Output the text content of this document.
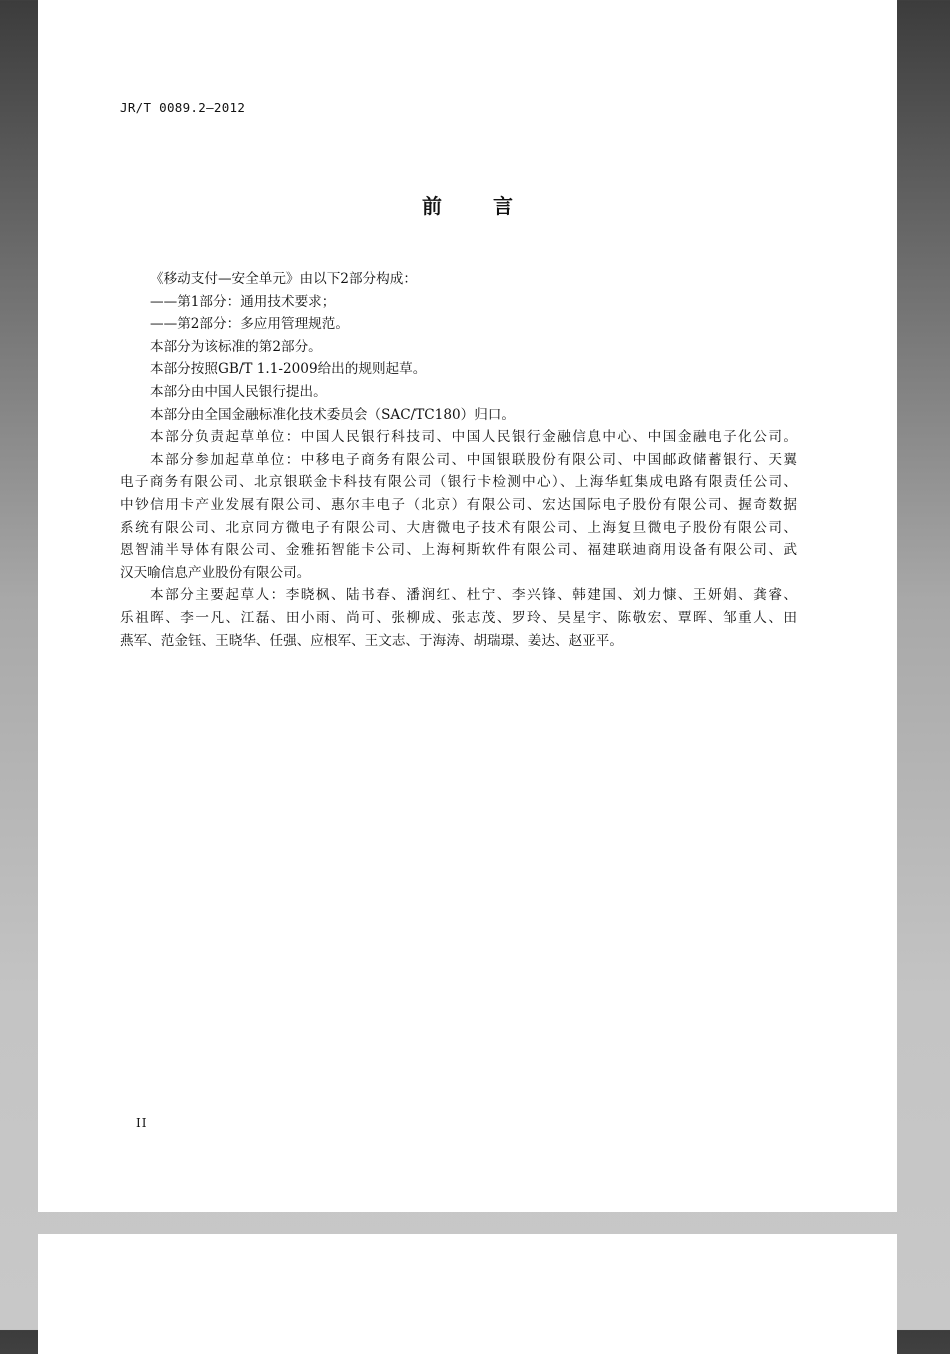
JR/T 0089.2—2012
前 言
《移动支付—安全单元》由以下2部分构成：
——第1部分：通用技术要求；
——第2部分：多应用管理规范。
本部分为该标准的第2部分。
本部分按照GB/T 1.1-2009给出的规则起草。
本部分由中国人民银行提出。
本部分由全国金融标准化技术委员会（SAC/TC180）归口。
本部分负责起草单位：中国人民银行科技司、中国人民银行金融信息中心、中国金融电子化公司。
本部分参加起草单位：中移电子商务有限公司、中国银联股份有限公司、中国邮政储蓄银行、天翼
电子商务有限公司、北京银联金卡科技有限公司（银行卡检测中心）、上海华虹集成电路有限责任公司、
中钞信用卡产业发展有限公司、惠尔丰电子（北京）有限公司、宏达国际电子股份有限公司、握奇数据
系统有限公司、北京同方微电子有限公司、大唐微电子技术有限公司、上海复旦微电子股份有限公司、
恩智浦半导体有限公司、金雅拓智能卡公司、上海柯斯软件有限公司、福建联迪商用设备有限公司、武
汉天喻信息产业股份有限公司。
本部分主要起草人：李晓枫、陆书春、潘润红、杜宁、李兴锋、韩建国、刘力慷、王妍娟、龚睿、
乐祖晖、李一凡、江磊、田小雨、尚可、张柳成、张志茂、罗玲、吴星宇、陈敬宏、覃晖、邹重人、田
燕军、范金钰、王晓华、任强、应根军、王文志、于海涛、胡瑞璟、姜达、赵亚平。
II
